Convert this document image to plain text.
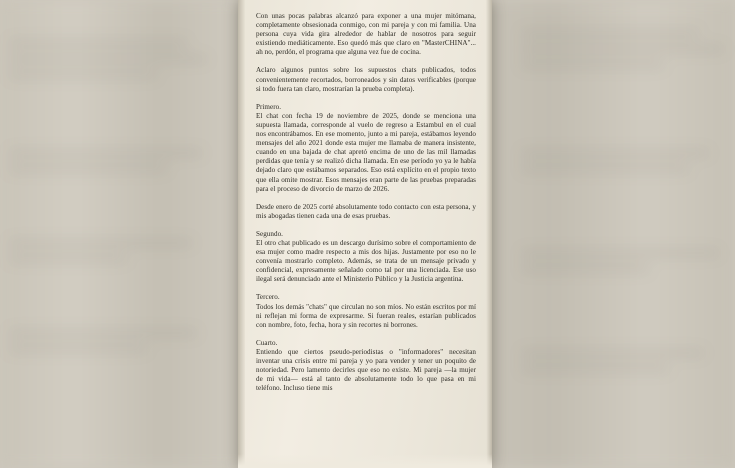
Con unas pocas palabras alcanzó para exponer a una mujer mitómana, completamente obsesionada conmigo, con mi pareja y con mi familia. Una persona cuya vida gira alrededor de hablar de nosotros para seguir existiendo mediáticamente. Eso quedó más que claro en "MasterCHINA"... ah no, perdón, el programa que alguna vez fue de cocina.

Aclaro algunos puntos sobre los supuestos chats publicados, todos convenientemente recortados, borroneados y sin datos verificables (porque si todo fuera tan claro, mostrarían la prueba completa).

Primero.

El chat con fecha 19 de noviembre de 2025, donde se menciona una supuesta llamada, corresponde al vuelo de regreso a Estambul en el cual nos encontrábamos. En ese momento, junto a mi pareja, estábamos leyendo mensajes del año 2021 donde esta mujer me llamaba de manera insistente, cuando en una bajada de chat apretó encima de uno de las mil llamadas perdidas que tenía y se realizó dicha llamada. En ese período yo ya le había dejado claro que estábamos separados. Eso está explícito en el propio texto que ella omite mostrar. Esos mensajes eran parte de las pruebas preparadas para el proceso de divorcio de marzo de 2026.

Desde enero de 2025 corté absolutamente todo contacto con esta persona, y mis abogadas tienen cada una de esas pruebas.

Segundo.

El otro chat publicado es un descargo durísimo sobre el comportamiento de esa mujer como madre respecto a mis dos hijas. Justamente por eso no le convenía mostrarlo completo. Además, se trata de un mensaje privado y confidencial, expresamente señalado como tal por una licenciada. Ese uso ilegal será denunciado ante el Ministerio Público y la Justicia argentina.

Tercero.

Todos los demás "chats" que circulan no son míos. No están escritos por mí ni reflejan mi forma de expresarme. Si fueran reales, estarían publicados con nombre, foto, fecha, hora y sin recortes ni borrones.

Cuarto.

Entiendo que ciertos pseudo-periodistas o "informadores" necesitan inventar una crisis entre mi pareja y yo para vender y tener un poquito de notoriedad. Pero lamento decirles que eso no existe. Mi pareja —la mujer de mi vida— está al tanto de absolutamente todo lo que pasa en mi teléfono. Incluso tiene mis
